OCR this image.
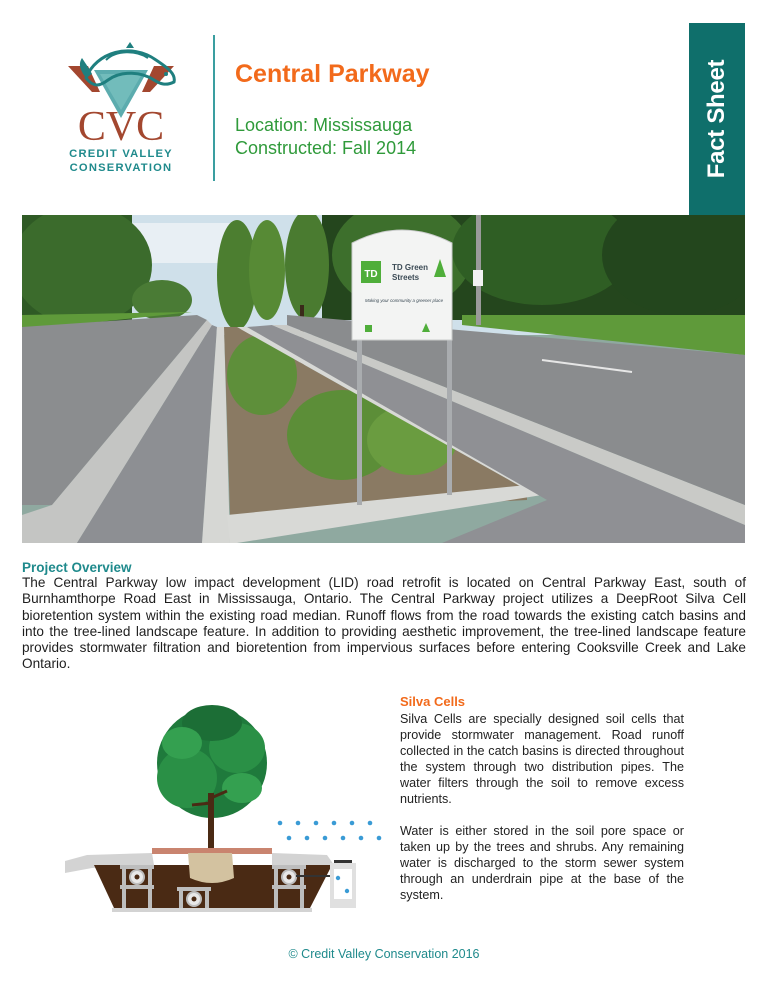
CVC
CREDIT VALLEY
CONSERVATION
Central Parkway
Location: Mississauga
Constructed: Fall 2014	Fact Sheet
TD
TD Green Streets
Making your community a greener place
Project Overview
The Central Parkway low impact development (LID) road retrofit is located on Central Parkway East, south of Burnhamthorpe Road East in Mississauga, Ontario. The Central Parkway project utilizes a DeepRoot Silva Cell bioretention system within the existing road median. Runoff flows from the road towards the existing catch basins and into the tree-lined landscape feature. In addition to providing aesthetic improvement, the tree-lined landscape feature provides stormwater filtration and bioretention from impervious surfaces before entering Cooksville Creek and Lake Ontario.
Silva Cells
Silva Cells are specially designed soil cells that provide stormwater management. Road runoff collected in the catch basins is directed throughout the system through two distribution pipes. The water filters through the soil to remove excess nutrients.
Water is either stored in the soil pore space or taken up by the trees and shrubs. Any remaining water is discharged to the storm sewer system through an underdrain pipe at the base of the system.
© Credit Valley Conservation 2016
